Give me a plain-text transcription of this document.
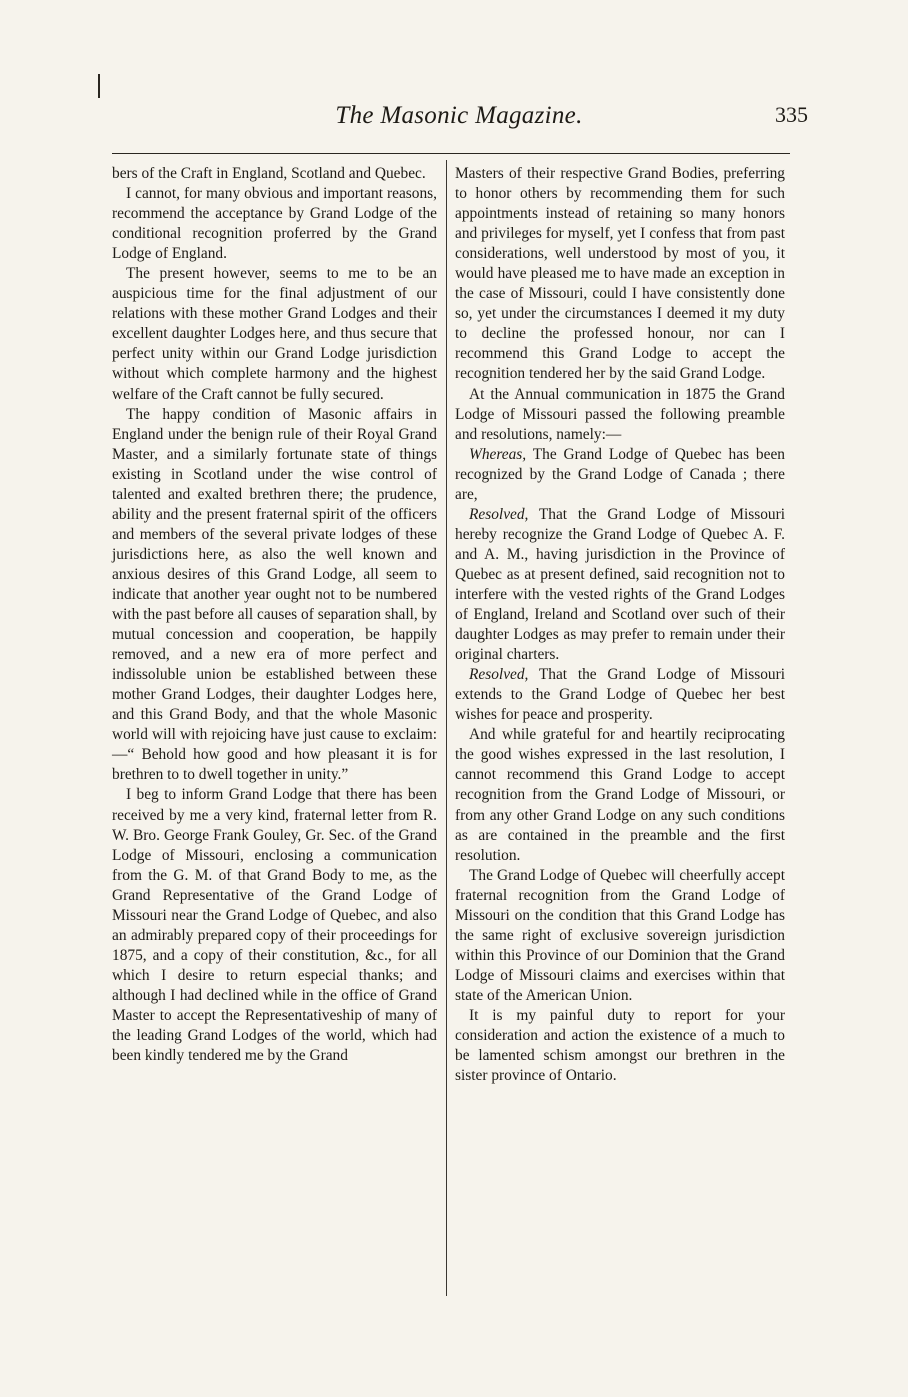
The Masonic Magazine.	335

bers of the Craft in England, Scotland and Quebec.

I cannot, for many obvious and important reasons, recommend the acceptance by Grand Lodge of the conditional recognition proferred by the Grand Lodge of England.

The present however, seems to me to be an auspicious time for the final adjustment of our relations with these mother Grand Lodges and their excellent daughter Lodges here, and thus secure that perfect unity within our Grand Lodge jurisdiction without which complete harmony and the highest welfare of the Craft cannot be fully secured.

The happy condition of Masonic affairs in England under the benign rule of their Royal Grand Master, and a similarly fortunate state of things existing in Scotland under the wise control of talented and exalted brethren there; the prudence, ability and the present fraternal spirit of the officers and members of the several private lodges of these jurisdictions here, as also the well known and anxious desires of this Grand Lodge, all seem to indicate that another year ought not to be numbered with the past before all causes of separation shall, by mutual concession and cooperation, be happily removed, and a new era of more perfect and indissoluble union be established between these mother Grand Lodges, their daughter Lodges here, and this Grand Body, and that the whole Masonic world will with rejoicing have just cause to exclaim:—“ Behold how good and how pleasant it is for brethren to to dwell together in unity.”

I beg to inform Grand Lodge that there has been received by me a very kind, fraternal letter from R. W. Bro. George Frank Gouley, Gr. Sec. of the Grand Lodge of Missouri, enclosing a communication from the G. M. of that Grand Body to me, as the Grand Representative of the Grand Lodge of Missouri near the Grand Lodge of Quebec, and also an admirably prepared copy of their proceedings for 1875, and a copy of their constitution, &c., for all which I desire to return especial thanks; and although I had declined while in the office of Grand Master to accept the Representativeship of many of the leading Grand Lodges of the world, which had been kindly tendered me by the Grand

Masters of their respective Grand Bodies, preferring to honor others by recommending them for such appointments instead of retaining so many honors and privileges for myself, yet I confess that from past considerations, well understood by most of you, it would have pleased me to have made an exception in the case of Missouri, could I have consistently done so, yet under the circumstances I deemed it my duty to decline the professed honour, nor can I recommend this Grand Lodge to accept the recognition tendered her by the said Grand Lodge.

At the Annual communication in 1875 the Grand Lodge of Missouri passed the following preamble and resolutions, namely:—

Whereas, The Grand Lodge of Quebec has been recognized by the Grand Lodge of Canada ; there are,

Resolved, That the Grand Lodge of Missouri hereby recognize the Grand Lodge of Quebec A. F. and A. M., having jurisdiction in the Province of Quebec as at present defined, said recognition not to interfere with the vested rights of the Grand Lodges of England, Ireland and Scotland over such of their daughter Lodges as may prefer to remain under their original charters.

Resolved, That the Grand Lodge of Missouri extends to the Grand Lodge of Quebec her best wishes for peace and prosperity.

And while grateful for and heartily reciprocating the good wishes expressed in the last resolution, I cannot recommend this Grand Lodge to accept recognition from the Grand Lodge of Missouri, or from any other Grand Lodge on any such conditions as are contained in the preamble and the first resolution.

The Grand Lodge of Quebec will cheerfully accept fraternal recognition from the Grand Lodge of Missouri on the condition that this Grand Lodge has the same right of exclusive sovereign jurisdiction within this Province of our Dominion that the Grand Lodge of Missouri claims and exercises within that state of the American Union.

It is my painful duty to report for your consideration and action the existence of a much to be lamented schism amongst our brethren in the sister province of Ontario.
